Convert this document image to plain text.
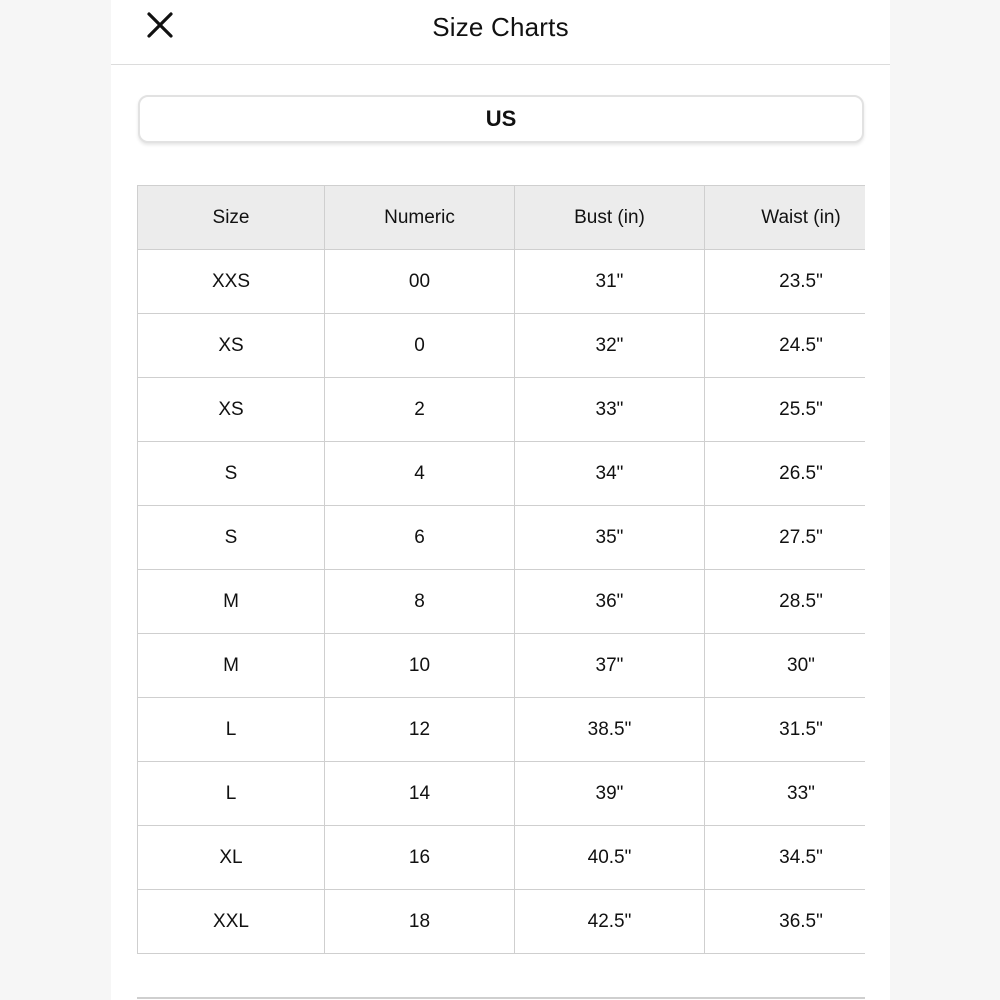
Size Charts
US
Size	Numeric	Bust (in)	Waist (in)
XXS	00	31"	23.5"
XS	0	32"	24.5"
XS	2	33"	25.5"
S	4	34"	26.5"
S	6	35"	27.5"
M	8	36"	28.5"
M	10	37"	30"
L	12	38.5"	31.5"
L	14	39"	33"
XL	16	40.5"	34.5"
XXL	18	42.5"	36.5"
